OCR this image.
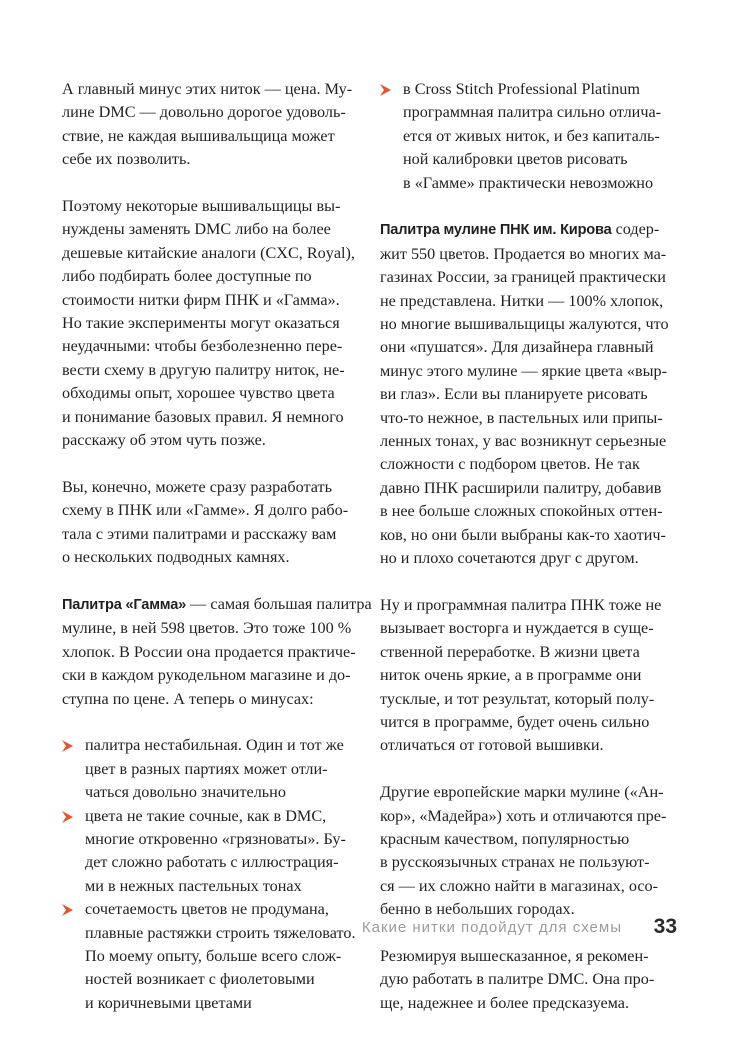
А главный минус этих ниток — цена. Му-
лине DMC — довольно дорогое удоволь-
ствие, не каждая вышивальщица может
себе их позволить.
Поэтому некоторые вышивальщицы вы-
нуждены заменять DMC либо на более
дешевые китайские аналоги (CXC, Royal),
либо подбирать более доступные по
стоимости нитки фирм ПНК и «Гамма».
Но такие эксперименты могут оказаться
неудачными: чтобы безболезненно пере-
вести схему в другую палитру ниток, не-
обходимы опыт, хорошее чувство цвета
и понимание базовых правил. Я немного
расскажу об этом чуть позже.
Вы, конечно, можете сразу разработать
схему в ПНК или «Гамме». Я долго рабо-
тала с этими палитрами и расскажу вам
о нескольких подводных камнях.
Палитра «Гамма» — самая большая палитра
мулине, в ней 598 цветов. Это тоже 100 %
хлопок. В России она продается практиче-
ски в каждом рукодельном магазине и до-
ступна по цене. А теперь о минусах:
палитра нестабильная. Один и тот же
цвет в разных партиях может отли-
чаться довольно значительно
цвета не такие сочные, как в DMC,
многие откровенно «грязноваты». Бу-
дет сложно работать с иллюстрация-
ми в нежных пастельных тонах
сочетаемость цветов не продумана,
плавные растяжки строить тяжеловато.
По моему опыту, больше всего слож-
ностей возникает с фиолетовыми
и коричневыми цветами
в Cross Stitch Professional Platinum
программная палитра сильно отлича-
ется от живых ниток, и без капиталь-
ной калибровки цветов рисовать
в «Гамме» практически невозможно
Палитра мулине ПНК им. Кирова содер-
жит 550 цветов. Продается во многих ма-
газинах России, за границей практически
не представлена. Нитки — 100% хлопок,
но многие вышивальщицы жалуются, что
они «пушатся». Для дизайнера главный
минус этого мулине — яркие цвета «выр-
ви глаз». Если вы планируете рисовать
что-то нежное, в пастельных или припы-
ленных тонах, у вас возникнут серьезные
сложности с подбором цветов. Не так
давно ПНК расширили палитру, добавив
в нее больше сложных спокойных оттен-
ков, но они были выбраны как-то хаотич-
но и плохо сочетаются друг с другом.
Ну и программная палитра ПНК тоже не
вызывает восторга и нуждается в суще-
ственной переработке. В жизни цвета
ниток очень яркие, а в программе они
тусклые, и тот результат, который полу-
чится в программе, будет очень сильно
отличаться от готовой вышивки.
Другие европейские марки мулине («Ан-
кор», «Мадейра») хоть и отличаются пре-
красным качеством, популярностью
в русскоязычных странах не пользуют-
ся — их сложно найти в магазинах, осо-
бенно в небольших городах.
Резюмируя вышесказанное, я рекомен-
дую работать в палитре DMC. Она про-
ще, надежнее и более предсказуема.
Какие нитки подойдут для схемы 33
